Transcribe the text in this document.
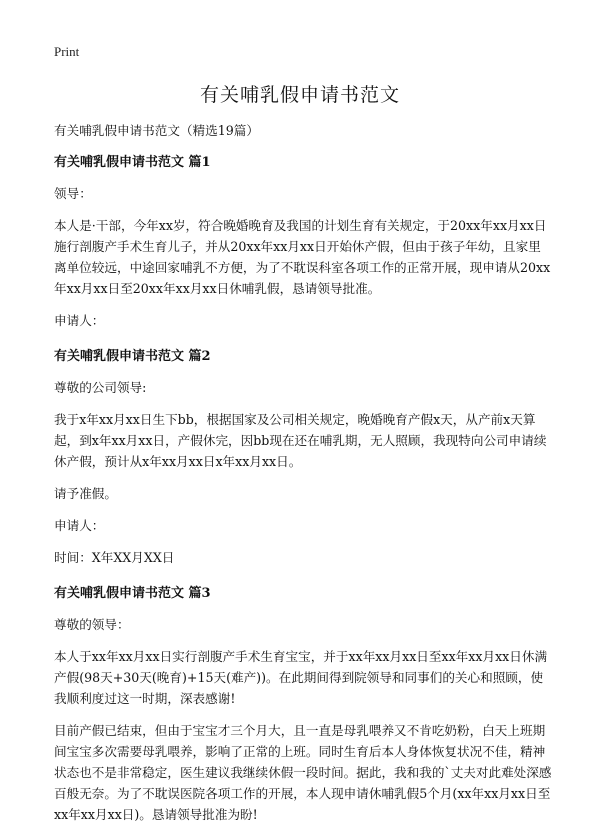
Print
有关哺乳假申请书范文

有关哺乳假申请书范文（精选19篇）

有关哺乳假申请书范文 篇1

领导：

本人是·干部，今年xx岁，符合晚婚晚育及我国的计划生育有关规定，于20xx年xx月xx日施行剖腹产手术生育儿子，并从20xx年xx月xx日开始休产假，但由于孩子年幼，且家里离单位较远，中途回家哺乳不方便，为了不耽误科室各项工作的正常开展，现申请从20xx年xx月xx日至20xx年xx月xx日休哺乳假，恳请领导批准。

申请人：

有关哺乳假申请书范文 篇2

尊敬的公司领导:

我于x年xx月xx日生下bb，根据国家及公司相关规定，晚婚晚育产假x天，从产前x天算起，到x年xx月xx日，产假休完，因bb现在还在哺乳期，无人照顾，我现特向公司申请续休产假，预计从x年xx月xx日x年xx月xx日。

请予准假。

申请人：

时间：X年XX月XX日

有关哺乳假申请书范文 篇3

尊敬的领导：

本人于xx年xx月xx日实行剖腹产手术生育宝宝，并于xx年xx月xx日至xx年xx月xx日休满产假(98天+30天(晚育)+15天(难产))。在此期间得到院领导和同事们的关心和照顾，使我顺利度过这一时期，深表感谢!

目前产假已结束，但由于宝宝才三个月大，且一直是母乳喂养又不肯吃奶粉，白天上班期间宝宝多次需要母乳喂养，影响了正常的上班。同时生育后本人身体恢复状况不佳，精神状态也不是非常稳定，医生建议我继续休假一段时间。据此，我和我的`丈夫对此难处深感百般无奈。为了不耽误医院各项工作的开展，本人现申请休哺乳假5个月(xx年xx月xx日至xx年xx月xx日)。恳请领导批准为盼!
